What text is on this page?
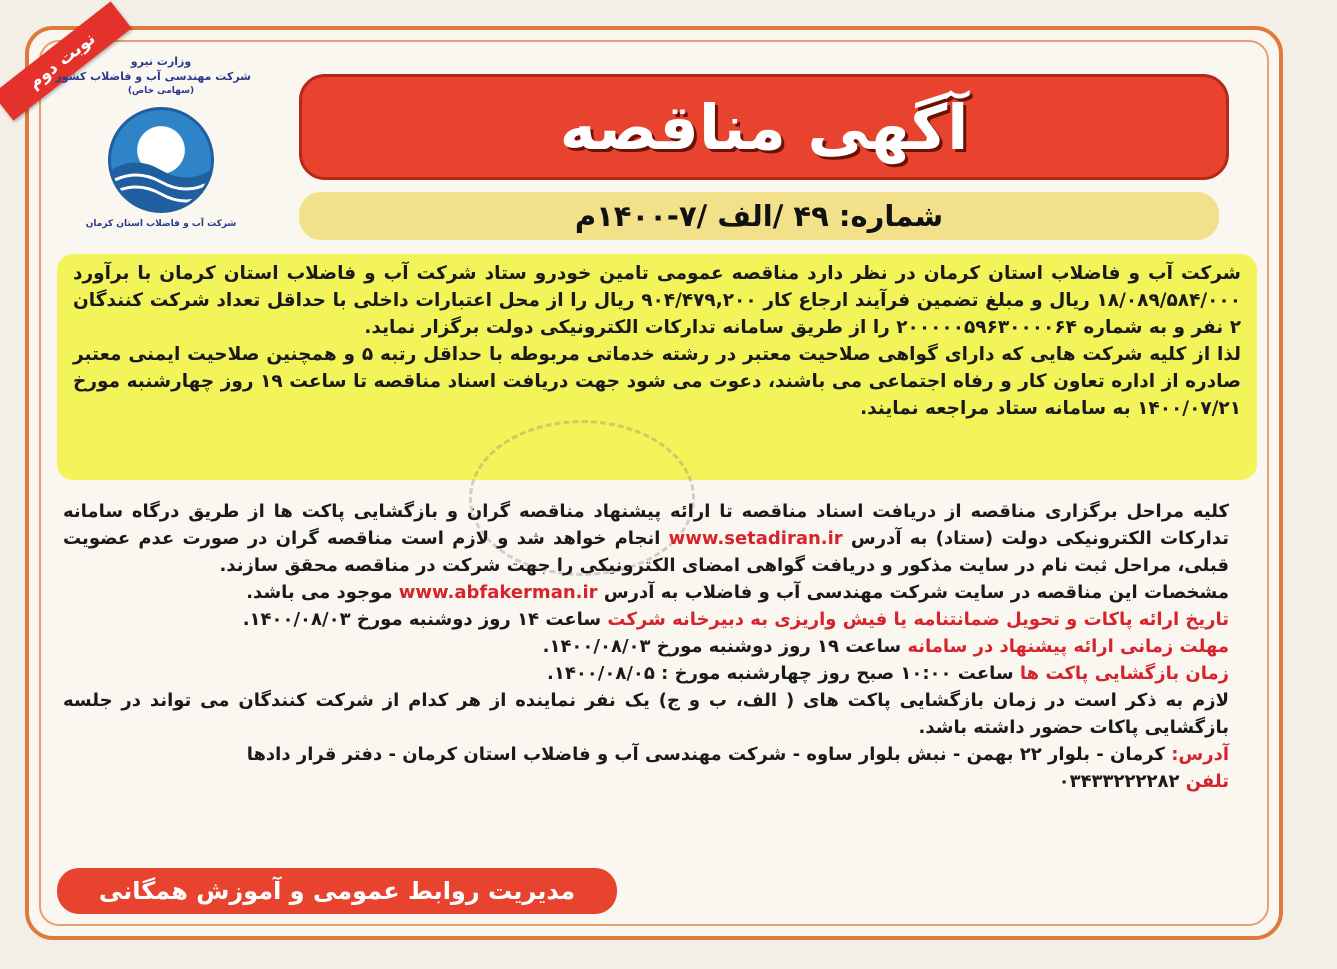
نوبت دوم	وزارت نیرو
شرکت مهندسی آب و فاضلاب کشور
(سهامی خاص)
شرکت آب و فاضلاب استان کرمان
آگهی مناقصه
شماره: ۴۹ /الف /۷-۱۴۰۰م

شرکت آب و فاضلاب استان کرمان در نظر دارد مناقصه عمومی تامین خودرو ستاد شرکت آب و فاضلاب استان کرمان با برآورد ۱۸/۰۸۹/۵۸۴/۰۰۰ ریال و مبلغ تضمین فرآیند ارجاع کار ۹۰۴/۴۷۹,۲۰۰ ریال را از محل اعتبارات داخلی با حداقل تعداد شرکت کنندگان ۲ نفر و به شماره ۲۰۰۰۰۰۵۹۶۳۰۰۰۰۶۴ را از طریق سامانه تدارکات الکترونیکی دولت برگزار نماید.

لذا از کلیه شرکت هایی که دارای گواهی صلاحیت معتبر در رشته خدماتی مربوطه با حداقل رتبه ۵ و همچنین صلاحیت ایمنی معتبر صادره از اداره تعاون کار و رفاه اجتماعی می باشند، دعوت می شود جهت دریافت اسناد مناقصه تا ساعت ۱۹ روز چهارشنبه مورخ ۱۴۰۰/۰۷/۲۱ به سامانه ستاد مراجعه نمایند.

کلیه مراحل برگزاری مناقصه از دریافت اسناد مناقصه تا ارائه پیشنهاد مناقصه گران و بازگشایی پاکت ها از طریق درگاه سامانه تدارکات الکترونیکی دولت (ستاد) به آدرس www.setadiran.ir انجام خواهد شد و لازم است مناقصه گران در صورت عدم عضویت قبلی، مراحل ثبت نام در سایت مذکور و دریافت گواهی امضای الکترونیکی را جهت شرکت در مناقصه محقق سازند.

مشخصات این مناقصه در سایت شرکت مهندسی آب و فاضلاب به آدرس www.abfakerman.ir موجود می باشد.

تاریخ ارائه پاکات و تحویل ضمانتنامه یا فیش واریزی به دبیرخانه شرکت ساعت ۱۴ روز دوشنبه مورخ ۱۴۰۰/۰۸/۰۳.

مهلت زمانی ارائه پیشنهاد در سامانه ساعت ۱۹ روز دوشنبه مورخ ۱۴۰۰/۰۸/۰۳.

زمان بازگشایی پاکت ها ساعت ۱۰:۰۰ صبح روز چهارشنبه مورخ : ۱۴۰۰/۰۸/۰۵.

لازم به ذکر است در زمان بازگشایی پاکت های ( الف، ب و ج) یک نفر نماینده از هر کدام از شرکت کنندگان می تواند در جلسه بازگشایی پاکات حضور داشته باشد.

آدرس: کرمان - بلوار ۲۲ بهمن - نبش بلوار ساوه - شرکت مهندسی آب و فاضلاب استان کرمان - دفتر قرار دادها

تلفن ۰۳۴۳۳۲۲۲۲۸۲

مدیریت روابط عمومی و آموزش همگانی
